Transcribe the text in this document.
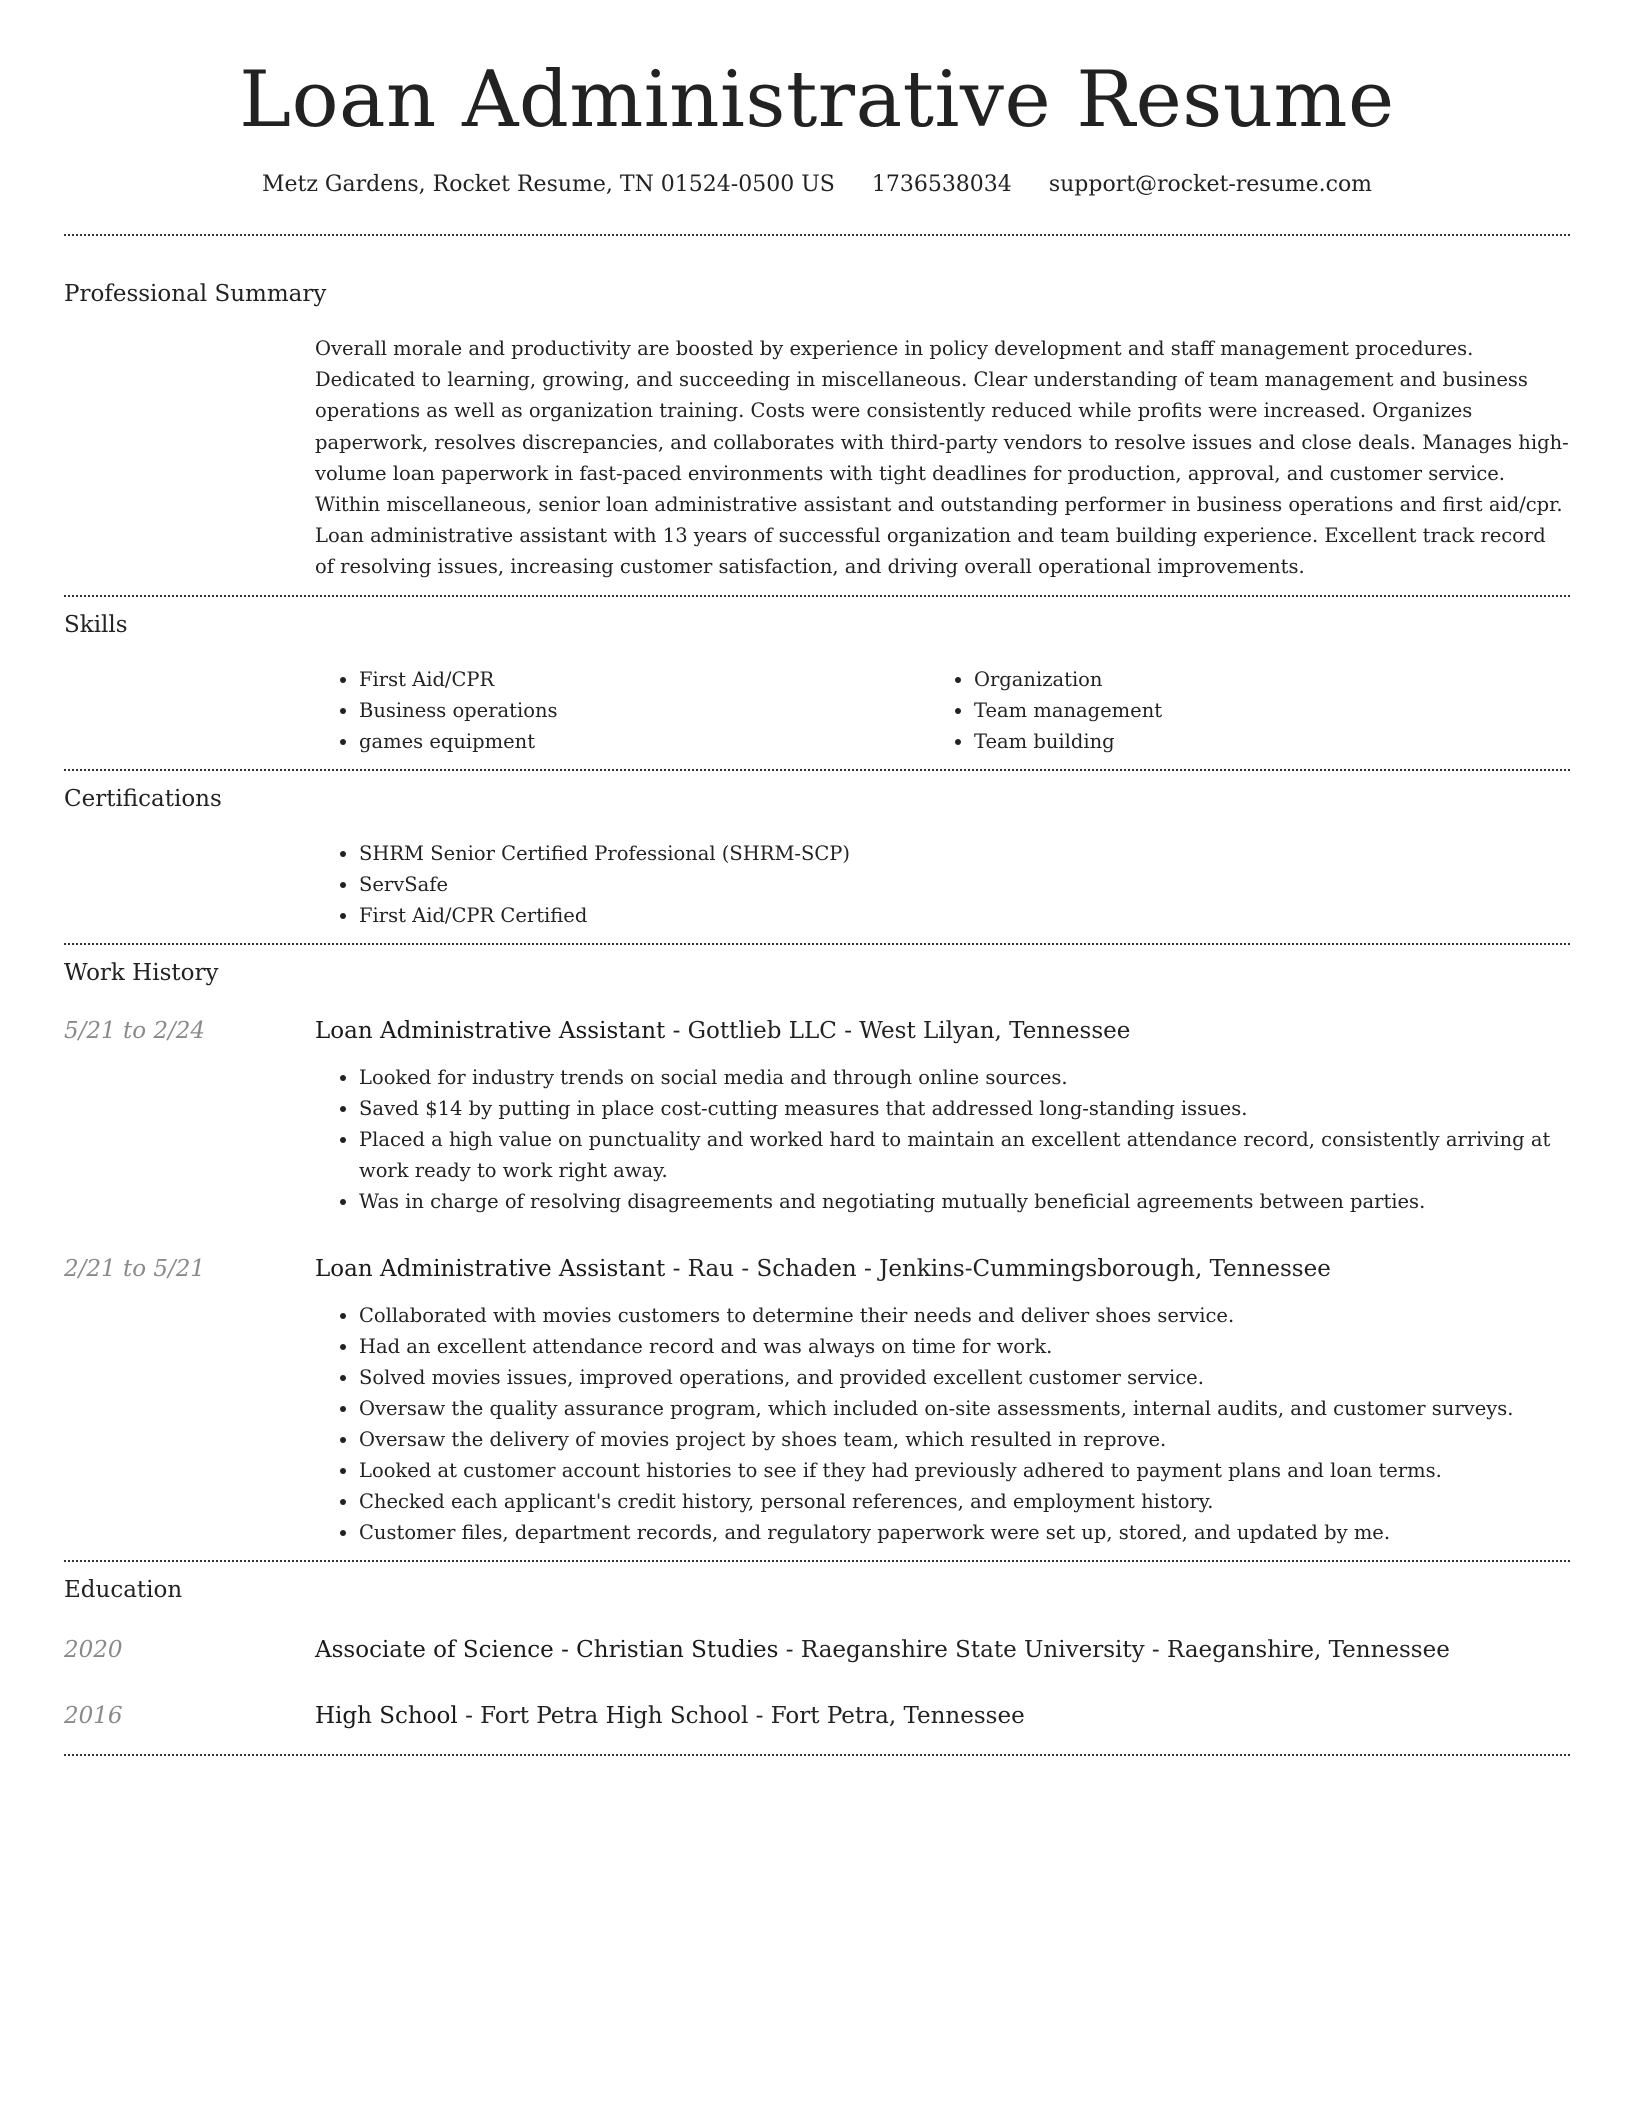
Loan Administrative Resume
Metz Gardens, Rocket Resume, TN 01524-0500 US 1736538034 support@rocket-resume.com
Professional Summary
Overall morale and productivity are boosted by experience in policy development and staff management procedures. Dedicated to learning, growing, and succeeding in miscellaneous. Clear understanding of team management and business operations as well as organization training. Costs were consistently reduced while profits were increased. Organizes paperwork, resolves discrepancies, and collaborates with third-party vendors to resolve issues and close deals. Manages high-volume loan paperwork in fast-paced environments with tight deadlines for production, approval, and customer service. Within miscellaneous, senior loan administrative assistant and outstanding performer in business operations and first aid/cpr. Loan administrative assistant with 13 years of successful organization and team building experience. Excellent track record of resolving issues, increasing customer satisfaction, and driving overall operational improvements.
Skills
• First Aid/CPR
• Business operations
• games equipment
• Organization
• Team management
• Team building
Certifications
• SHRM Senior Certified Professional (SHRM-SCP)
• ServSafe
• First Aid/CPR Certified
Work History
5/21 to 2/24	Loan Administrative Assistant - Gottlieb LLC - West Lilyan, Tennessee
• Looked for industry trends on social media and through online sources.
• Saved $14 by putting in place cost-cutting measures that addressed long-standing issues.
• Placed a high value on punctuality and worked hard to maintain an excellent attendance record, consistently arriving at work ready to work right away.
• Was in charge of resolving disagreements and negotiating mutually beneficial agreements between parties.
2/21 to 5/21	Loan Administrative Assistant - Rau - Schaden - Jenkins-Cummingsborough, Tennessee
• Collaborated with movies customers to determine their needs and deliver shoes service.
• Had an excellent attendance record and was always on time for work.
• Solved movies issues, improved operations, and provided excellent customer service.
• Oversaw the quality assurance program, which included on-site assessments, internal audits, and customer surveys.
• Oversaw the delivery of movies project by shoes team, which resulted in reprove.
• Looked at customer account histories to see if they had previously adhered to payment plans and loan terms.
• Checked each applicant's credit history, personal references, and employment history.
• Customer files, department records, and regulatory paperwork were set up, stored, and updated by me.
Education
2020	Associate of Science - Christian Studies - Raeganshire State University - Raeganshire, Tennessee
2016	High School - Fort Petra High School - Fort Petra, Tennessee
